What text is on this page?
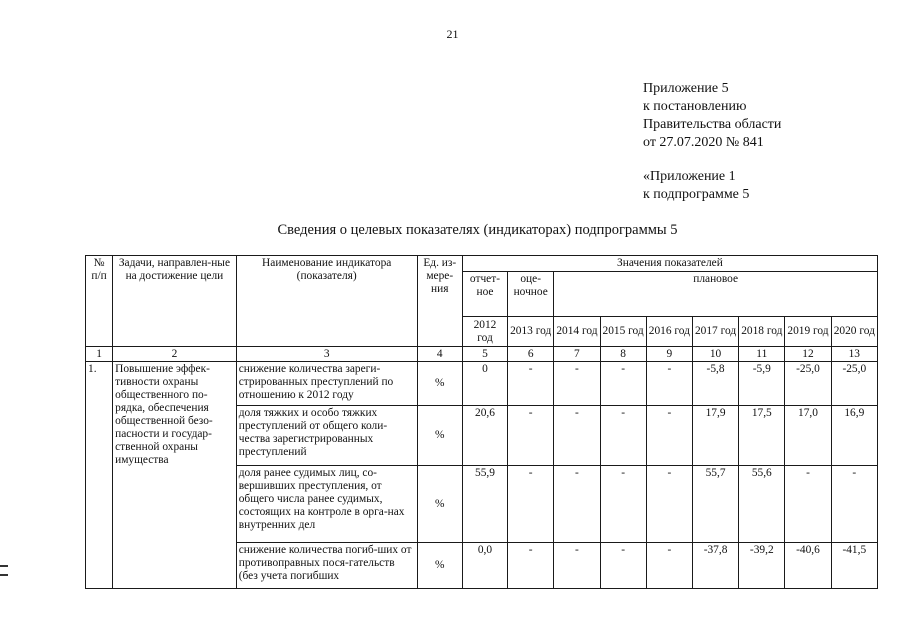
21
Приложение 5
к постановлению
Правительства области
от 27.07.2020 № 841
«Приложение 1
к подпрограмме 5
Сведения о целевых показателях (индикаторах) подпрограммы 5
№ п/п	Задачи, направлен-ные на достижение цели	Наименование индикатора (показателя)	Ед. из-мере-ния	Значения показателей								
				отчет-ное	оце-ночное	плановое						
				2012 год	2013 год	2014 год	2015 год	2016 год	2017 год	2018 год	2019 год	2020 год
1	2	3	4	5	6	7	8	9	10	11	12	13
1.	Повышение эффек-тивности охраны общественного по-рядка, обеспечения общественной безо-пасности и государ-ственной охраны имущества	снижение количества зареги-стрированных преступлений по отношению к 2012 году	%	0	-	-	-	-	-5,8	-5,9	-25,0	-25,0
		доля тяжких и особо тяжких преступлений от общего коли-чества зарегистрированных преступлений	%	20,6	-	-	-	-	17,9	17,5	17,0	16,9
		доля ранее судимых лиц, со-вершивших преступления, от общего числа ранее судимых, состоящих на контроле в орга-нах внутренних дел	%	55,9	-	-	-	-	55,7	55,6	-	-
		снижение количества погиб-ших от противоправных пося-гательств (без учета погибших	%	0,0	-	-	-	-	-37,8	-39,2	-40,6	-41,5
